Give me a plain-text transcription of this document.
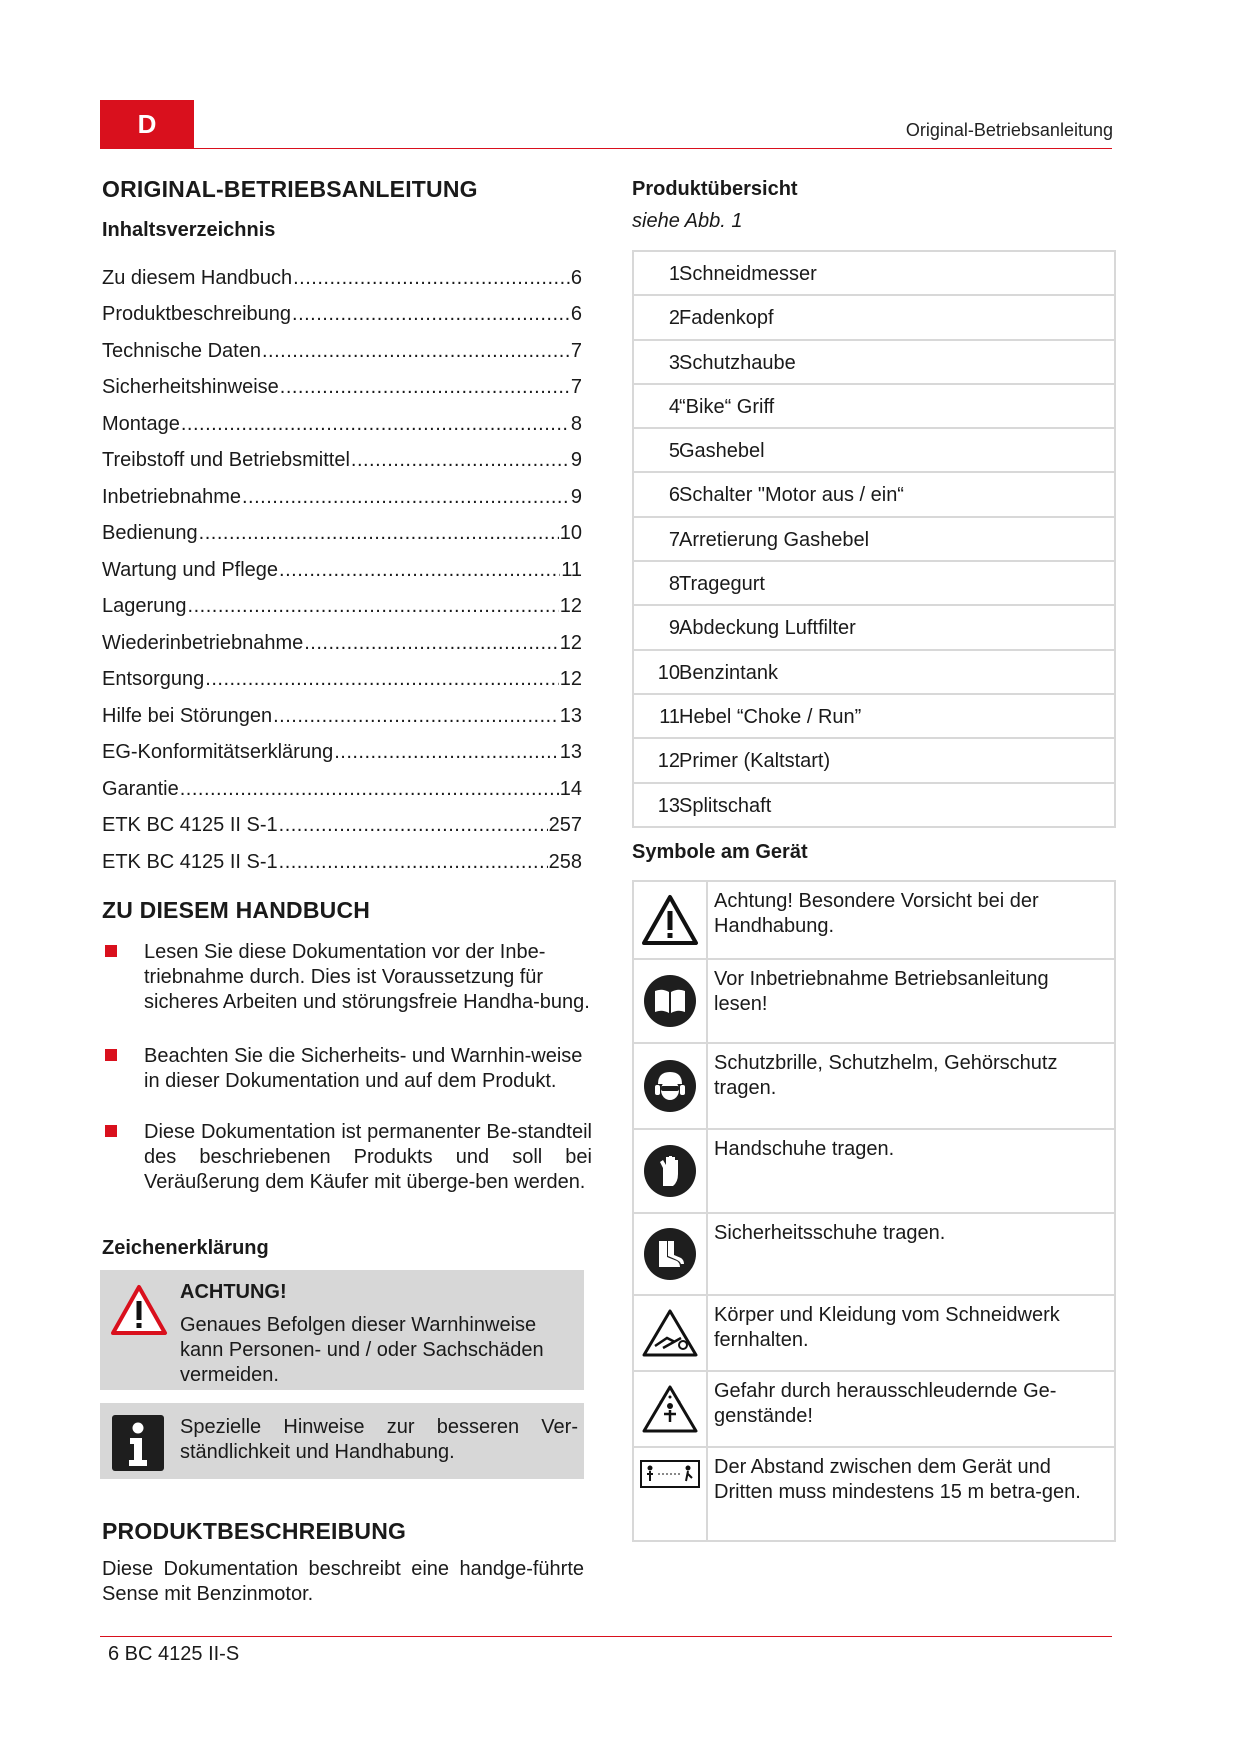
D	Original-Betriebsanleitung
ORIGINAL-BETRIEBSANLEITUNG
Inhaltsverzeichnis
Zu diesem Handbuch .....	6
Produktbeschreibung .....	6
Technische Daten .....	7
Sicherheitshinweise .....	7
Montage .....	8
Treibstoff und Betriebsmittel .....	9
Inbetriebnahme .....	9
Bedienung .....	10
Wartung und Pflege .....	11
Lagerung .....	12
Wiederinbetriebnahme .....	12
Entsorgung .....	12
Hilfe bei Störungen .....	13
EG-Konformitätserklärung .....	13
Garantie .....	14
ETK BC 4125 II S-1 .....	257
ETK BC 4125 II S-1 .....	258
ZU DIESEM HANDBUCH
Lesen Sie diese Dokumentation vor der Inbe-triebnahme durch. Dies ist Voraussetzung für sicheres Arbeiten und störungsfreie Handha-bung.
Beachten Sie die Sicherheits- und Warnhin-weise in dieser Dokumentation und auf dem Produkt.
Diese Dokumentation ist permanenter Be-standteil des beschriebenen Produkts und soll bei Veräußerung dem Käufer mit überge-ben werden.
Zeichenerklärung
ACHTUNG!
Genaues Befolgen dieser Warnhinweise kann Personen- und / oder Sachschäden vermeiden.
Spezielle Hinweise zur besseren Ver-ständlichkeit und Handhabung.
PRODUKTBESCHREIBUNG
Diese Dokumentation beschreibt eine handge-führte Sense mit Benzinmotor.
Produktübersicht
siehe Abb. 1
1 Schneidmesser
2 Fadenkopf
3 Schutzhaube
4 “Bike“ Griff
5 Gashebel
6 Schalter "Motor aus / ein“
7 Arretierung Gashebel
8 Tragegurt
9 Abdeckung Luftfilter
10 Benzintank
11 Hebel “Choke / Run”
12 Primer (Kaltstart)
13 Splitschaft
Symbole am Gerät
Achtung! Besondere Vorsicht bei der Handhabung.
Vor Inbetriebnahme Betriebsanleitung lesen!
Schutzbrille, Schutzhelm, Gehörschutz tragen.
Handschuhe tragen.
Sicherheitsschuhe tragen.
Körper und Kleidung vom Schneidwerk fernhalten.
Gefahr durch herausschleudernde Ge-genstände!
Der Abstand zwischen dem Gerät und Dritten muss mindestens 15 m betra-gen.
6 BC 4125 II-S
